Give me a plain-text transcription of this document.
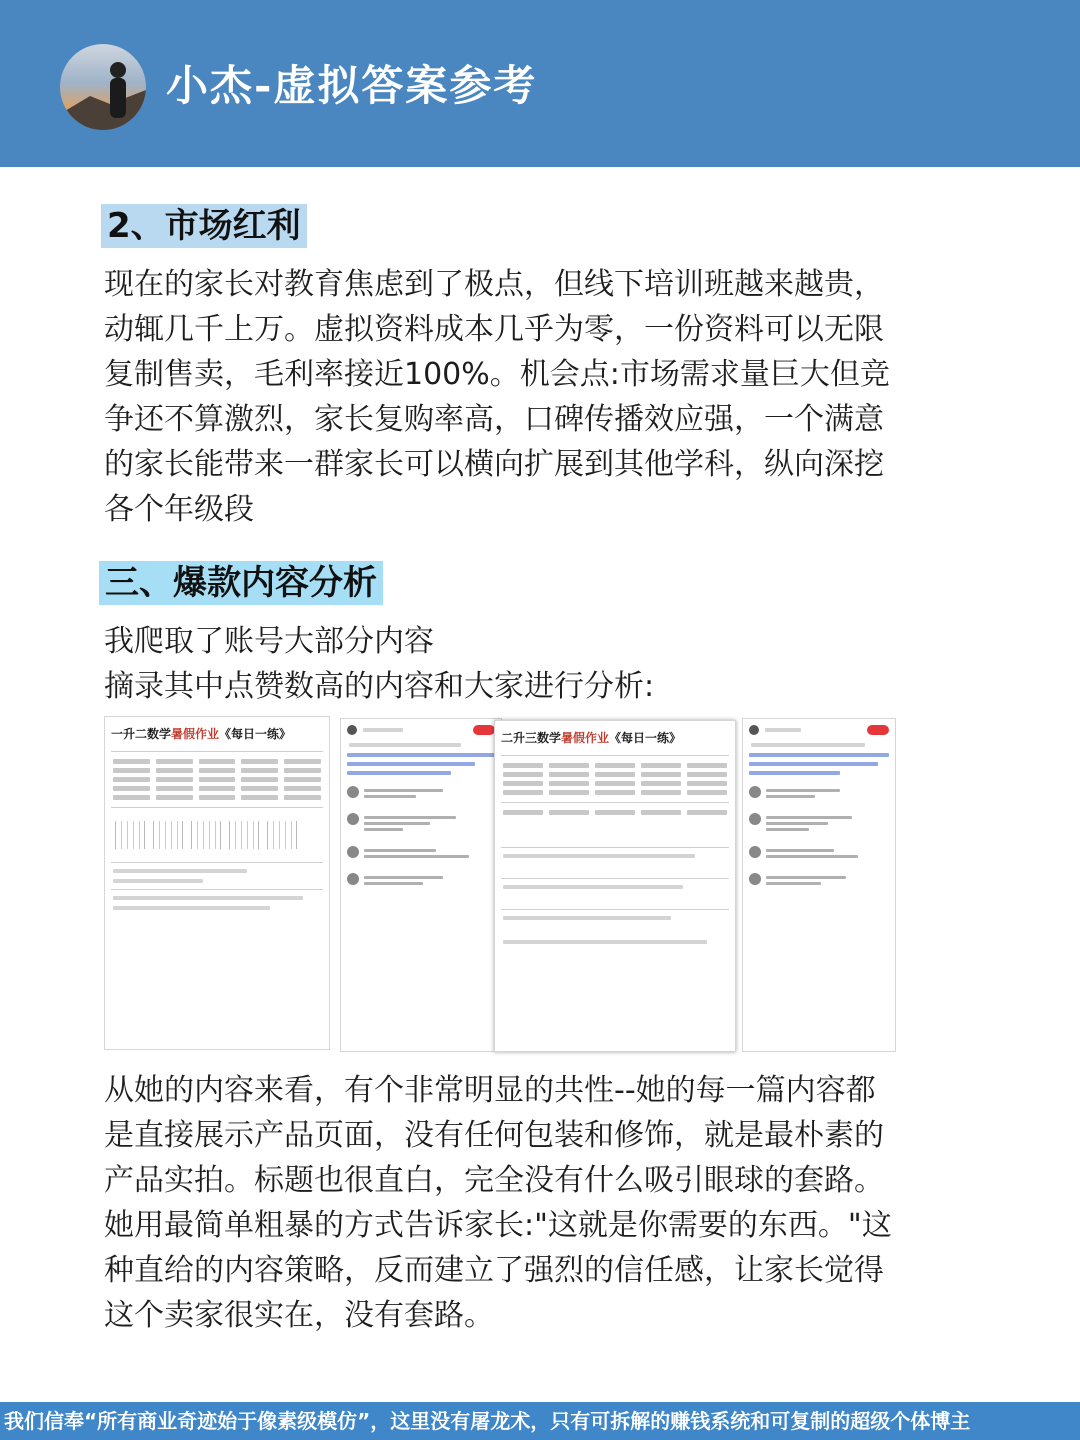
小杰-虚拟答案参考
2、市场红利

现在的家长对教育焦虑到了极点，但线下培训班越来越贵，动辄几千上万。虚拟资料成本几乎为零，一份资料可以无限复制售卖，毛利率接近100%。机会点:市场需求量巨大但竞争还不算激烈，家长复购率高，口碑传播效应强，一个满意的家长能带来一群家长可以横向扩展到其他学科，纵向深挖各个年级段

三、爆款内容分析
我爬取了账号大部分内容
摘录其中点赞数高的内容和大家进行分析:
一升二数学暑假作业《每日一练》	二升三数学暑假作业《每日一练》

从她的内容来看，有个非常明显的共性--她的每一篇内容都是直接展示产品页面，没有任何包装和修饰，就是最朴素的产品实拍。标题也很直白，完全没有什么吸引眼球的套路。她用最简单粗暴的方式告诉家长:"这就是你需要的东西。"这种直给的内容策略，反而建立了强烈的信任感，让家长觉得这个卖家很实在，没有套路。

我们信奉“所有商业奇迹始于像素级模仿”，这里没有屠龙术，只有可拆解的赚钱系统和可复制的超级个体博主
